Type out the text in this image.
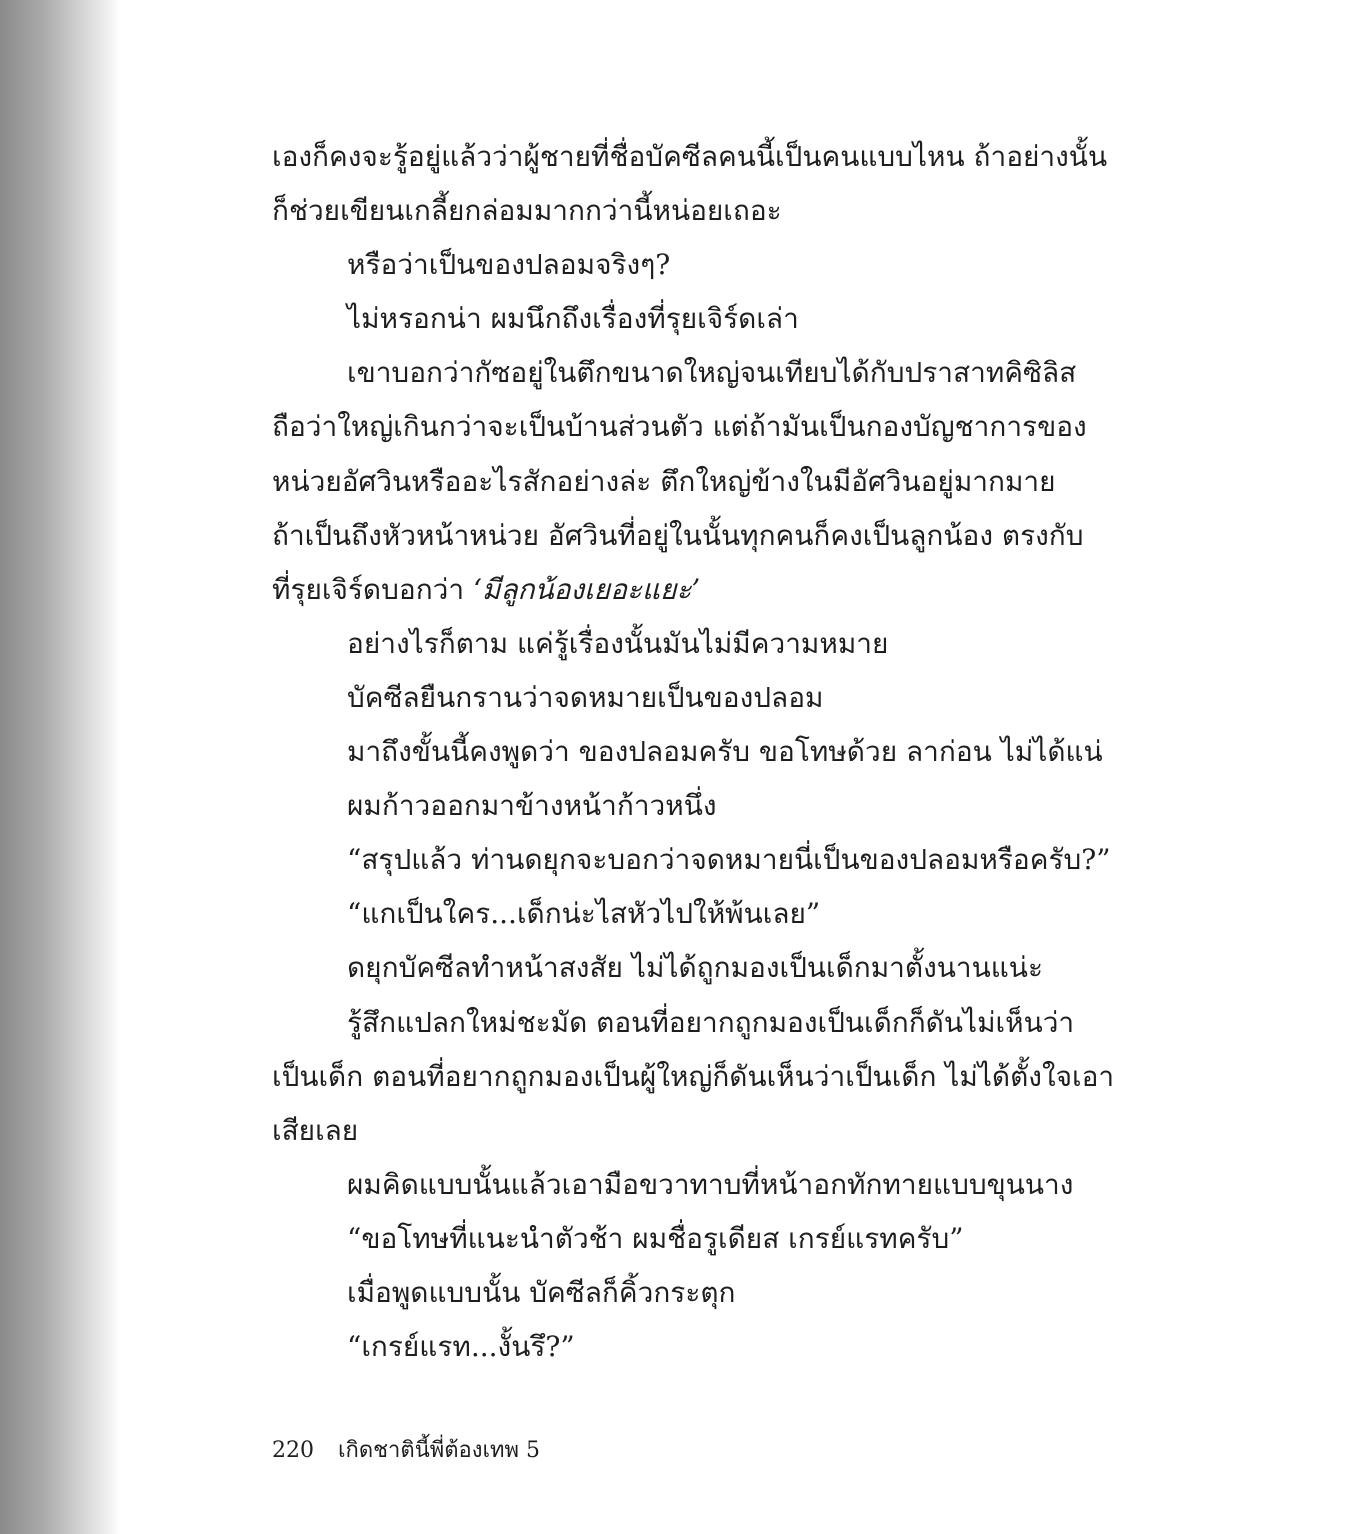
เองก็คงจะรู้อยู่แล้วว่าผู้ชายที่ชื่อบัคซีลคนนี้เป็นคนแบบไหน ถ้าอย่างนั้น
ก็ช่วยเขียนเกลี้ยกล่อมมากกว่านี้หน่อยเถอะ
หรือว่าเป็นของปลอมจริงๆ?
ไม่หรอกน่า ผมนึกถึงเรื่องที่รุยเจิร์ดเล่า
เขาบอกว่ากัซอยู่ในตึกขนาดใหญ่จนเทียบได้กับปราสาทคิซิลิส
ถือว่าใหญ่เกินกว่าจะเป็นบ้านส่วนตัว แต่ถ้ามันเป็นกองบัญชาการของ
หน่วยอัศวินหรืออะไรสักอย่างล่ะ ตึกใหญ่ข้างในมีอัศวินอยู่มากมาย
ถ้าเป็นถึงหัวหน้าหน่วย อัศวินที่อยู่ในนั้นทุกคนก็คงเป็นลูกน้อง ตรงกับ
ที่รุยเจิร์ดบอกว่า ‘มีลูกน้องเยอะแยะ’
อย่างไรก็ตาม แค่รู้เรื่องนั้นมันไม่มีความหมาย
บัคซีลยืนกรานว่าจดหมายเป็นของปลอม
มาถึงขั้นนี้คงพูดว่า ของปลอมครับ ขอโทษด้วย ลาก่อน ไม่ได้แน่
ผมก้าวออกมาข้างหน้าก้าวหนึ่ง
“สรุปแล้ว ท่านดยุกจะบอกว่าจดหมายนี่เป็นของปลอมหรือครับ?”
“แกเป็นใคร...เด็กน่ะไสหัวไปให้พ้นเลย”
ดยุกบัคซีลทำหน้าสงสัย ไม่ได้ถูกมองเป็นเด็กมาตั้งนานแน่ะ
รู้สึกแปลกใหม่ชะมัด ตอนที่อยากถูกมองเป็นเด็กก็ดันไม่เห็นว่า
เป็นเด็ก ตอนที่อยากถูกมองเป็นผู้ใหญ่ก็ดันเห็นว่าเป็นเด็ก ไม่ได้ตั้งใจเอา
เสียเลย
ผมคิดแบบนั้นแล้วเอามือขวาทาบที่หน้าอกทักทายแบบขุนนาง
“ขอโทษที่แนะนำตัวช้า ผมชื่อรูเดียส เกรย์แรทครับ”
เมื่อพูดแบบนั้น บัคซีลก็คิ้วกระตุก
“เกรย์แรท...งั้นรึ?”
220 เกิดชาตินี้พี่ต้องเทพ 5
